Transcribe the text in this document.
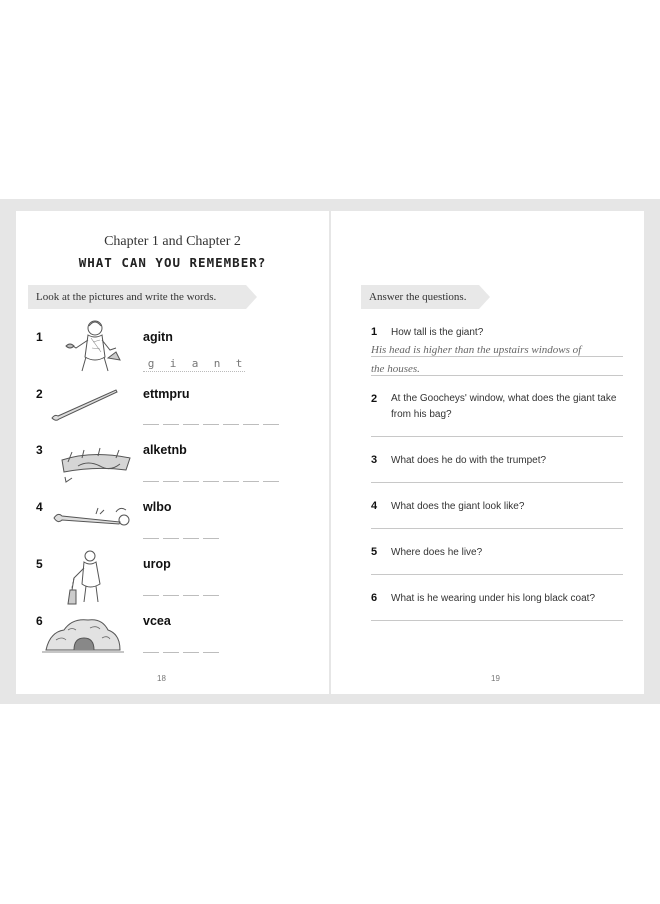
Chapter 1 and Chapter 2
WHAT CAN YOU REMEMBER?
Look at the pictures and write the words.
1	agitn
g i a n t
2	ettmpru
3	alketnb
4	wlbo
5	urop
6	vcea
18
Answer the questions.
1 How tall is the giant?
His head is higher than the upstairs windows of
the houses.
2 At the Goocheys' window, what does the giant take from his bag?
3 What does he do with the trumpet?
4 What does the giant look like?
5 Where does he live?
6 What is he wearing under his long black coat?
19
